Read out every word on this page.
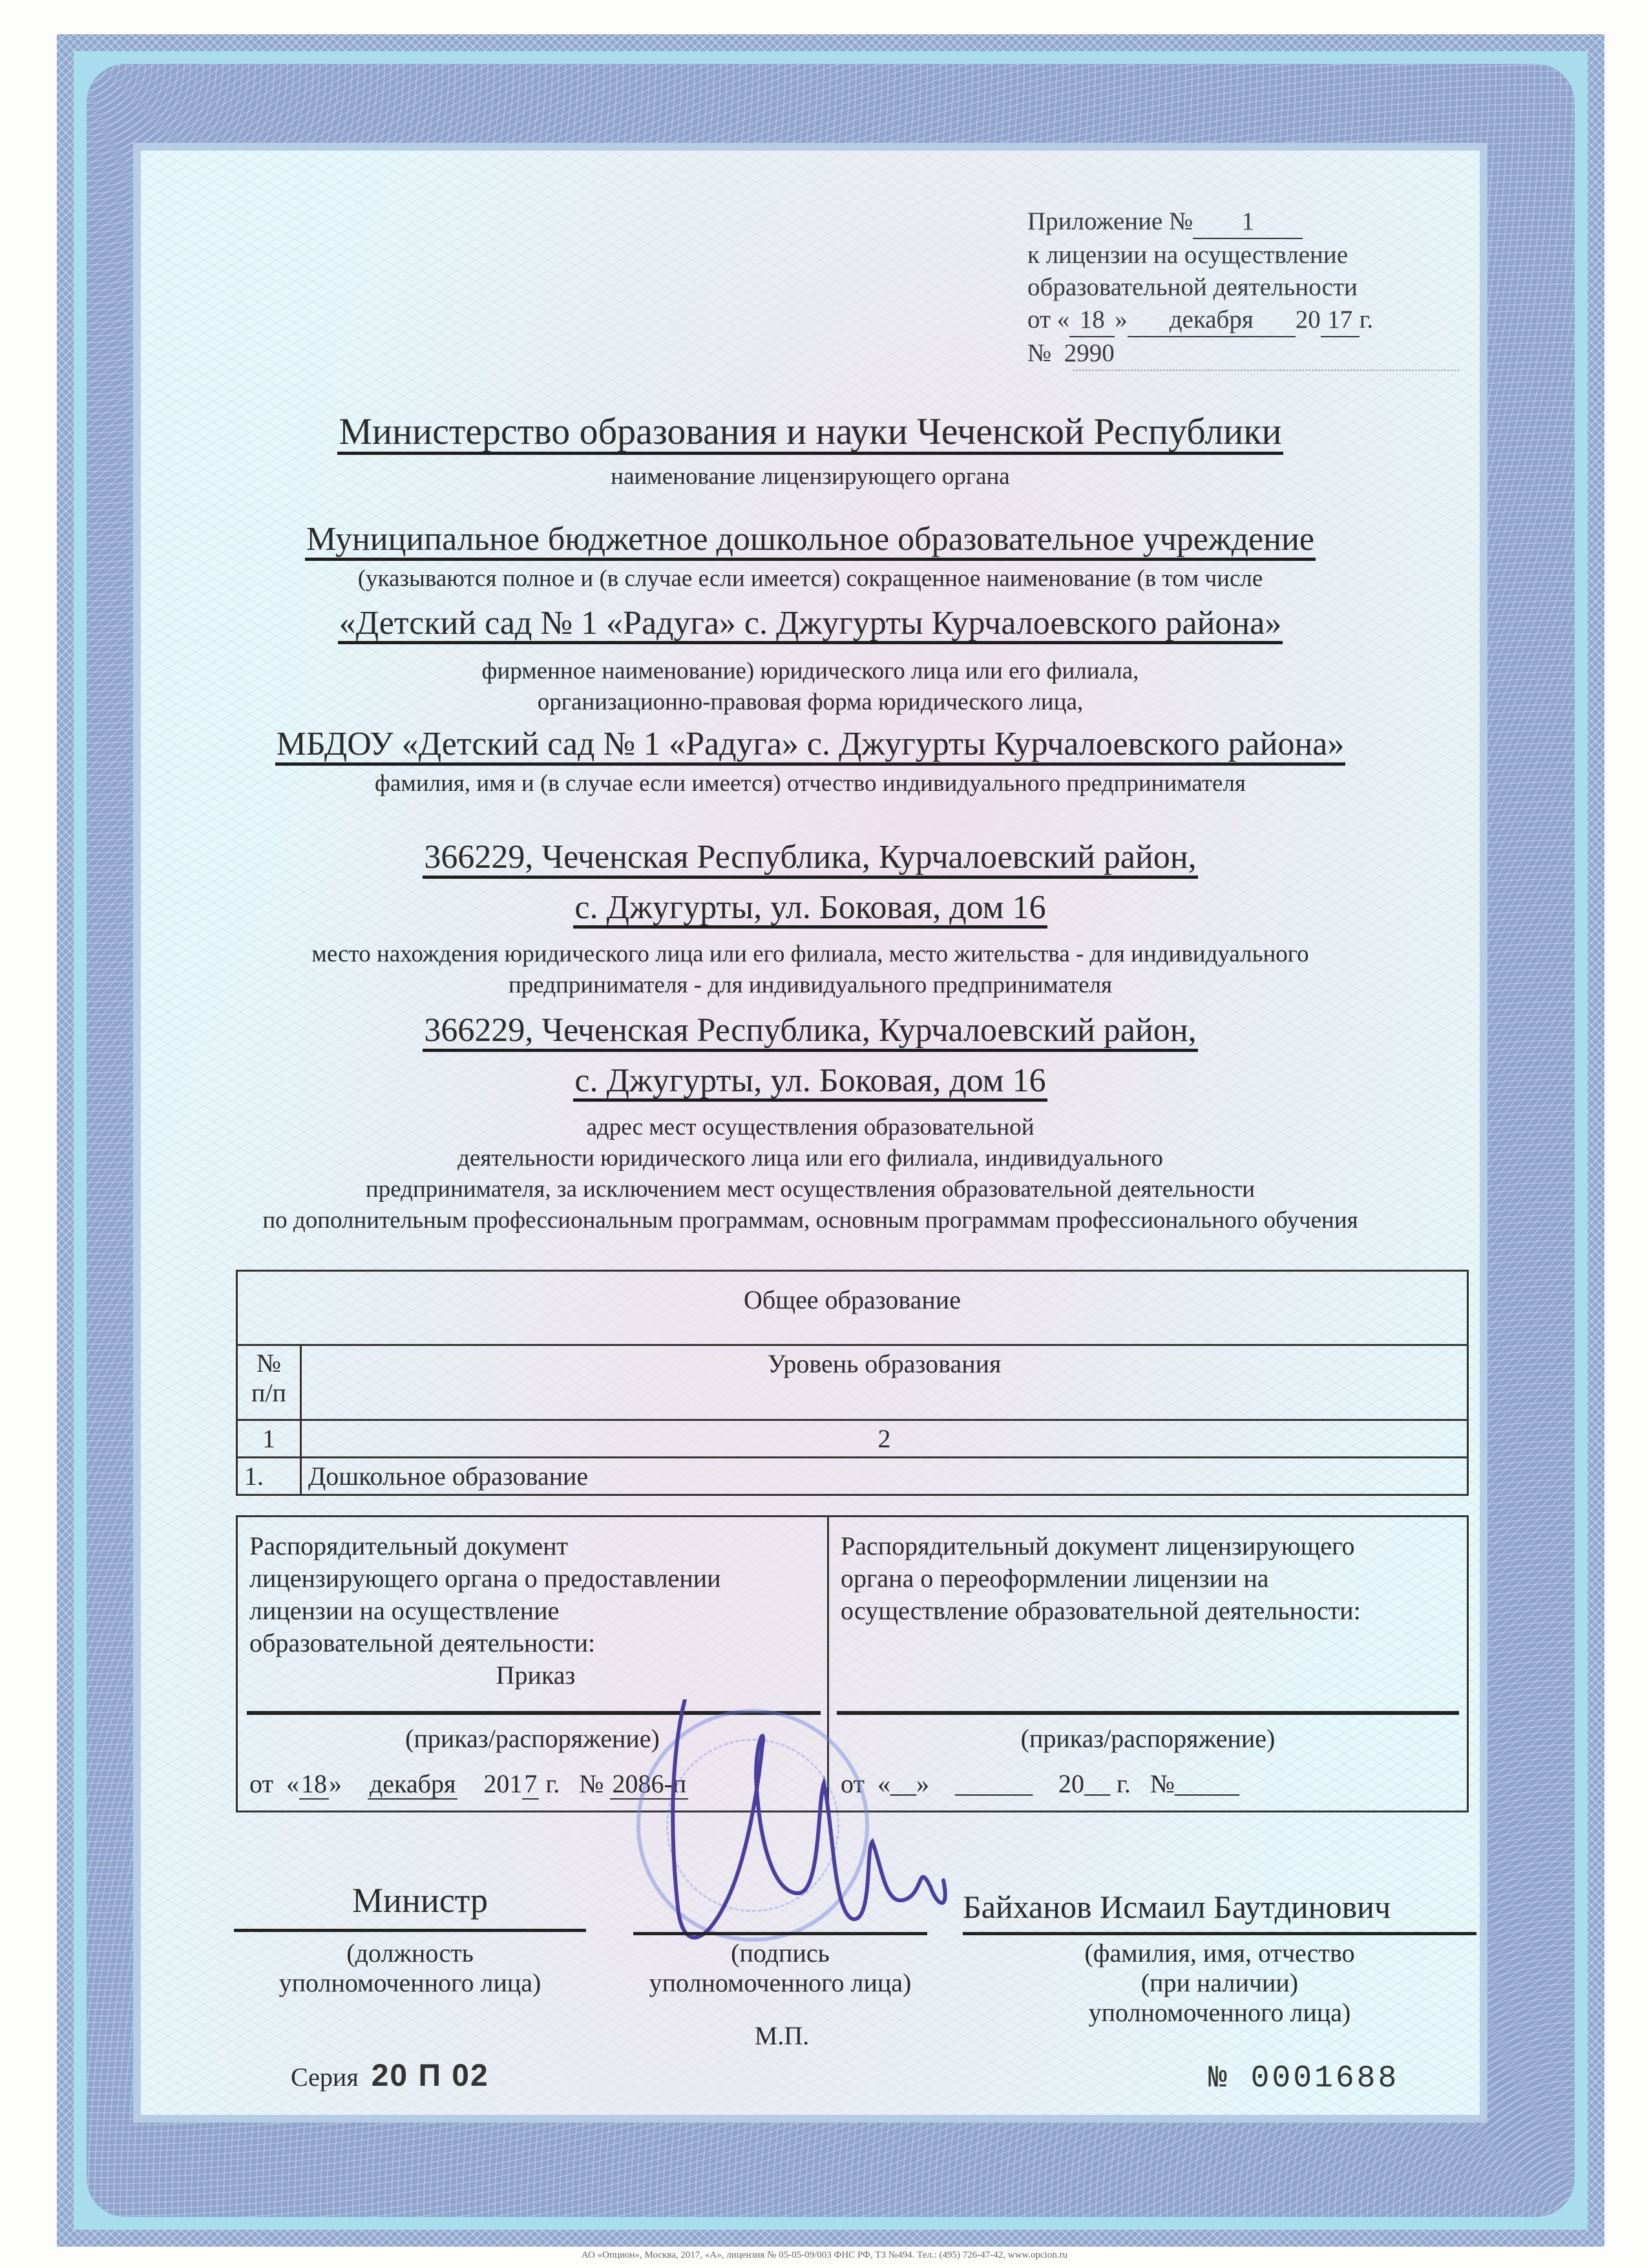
Приложение № 1
к лицензии на осуществление
образовательной деятельности
от « 18 » декабря 20 17 г.
№ 2990
Министерство образования и науки Чеченской Республики
наименование лицензирующего органа
Муниципальное бюджетное дошкольное образовательное учреждение
(указываются полное и (в случае если имеется) сокращенное наименование (в том числе
«Детский сад № 1 «Радуга» с. Джугурты Курчалоевского района»
фирменное наименование) юридического лица или его филиала,
организационно-правовая форма юридического лица,
МБДОУ «Детский сад № 1 «Радуга» с. Джугурты Курчалоевского района»
фамилия, имя и (в случае если имеется) отчество индивидуального предпринимателя
366229, Чеченская Республика, Курчалоевский район,
с. Джугурты, ул. Боковая, дом 16
место нахождения юридического лица или его филиала, место жительства - для индивидуального
предпринимателя - для индивидуального предпринимателя
366229, Чеченская Республика, Курчалоевский район,
с. Джугурты, ул. Боковая, дом 16
адрес мест осуществления образовательной
деятельности юридического лица или его филиала, индивидуального
предпринимателя, за исключением мест осуществления образовательной деятельности
по дополнительным профессиональным программам, основным программам профессионального обучения
Общее образование	

№
п/п	Уровень образования
1	2
1.	Дошкольное образование
Распорядительный документ
лицензирующего органа о предоставлении
лицензии на осуществление
образовательной деятельности:
Приказ
(приказ/распоряжение)
от  «18»    декабря 2017 г. № 2086-п
Распорядительный документ лицензирующего
органа о переоформлении лицензии на
осуществление образовательной деятельности:
(приказ/распоряжение)
от  «__»    ______ 20__ г. №_____
Министр
(должность
уполномоченного лица)
(подпись
уполномоченного лица)
М.П.
Байханов Исмаил Баутдинович
(фамилия, имя, отчество
(при наличии)
уполномоченного лица)
Серия 20 П 02	№ 0001688
АО «Опцион», Москва, 2017, «А», лицензия № 05-05-09/003 ФНС РФ, ТЗ №494. Тел.: (495) 726-47-42, www.opcion.ru
